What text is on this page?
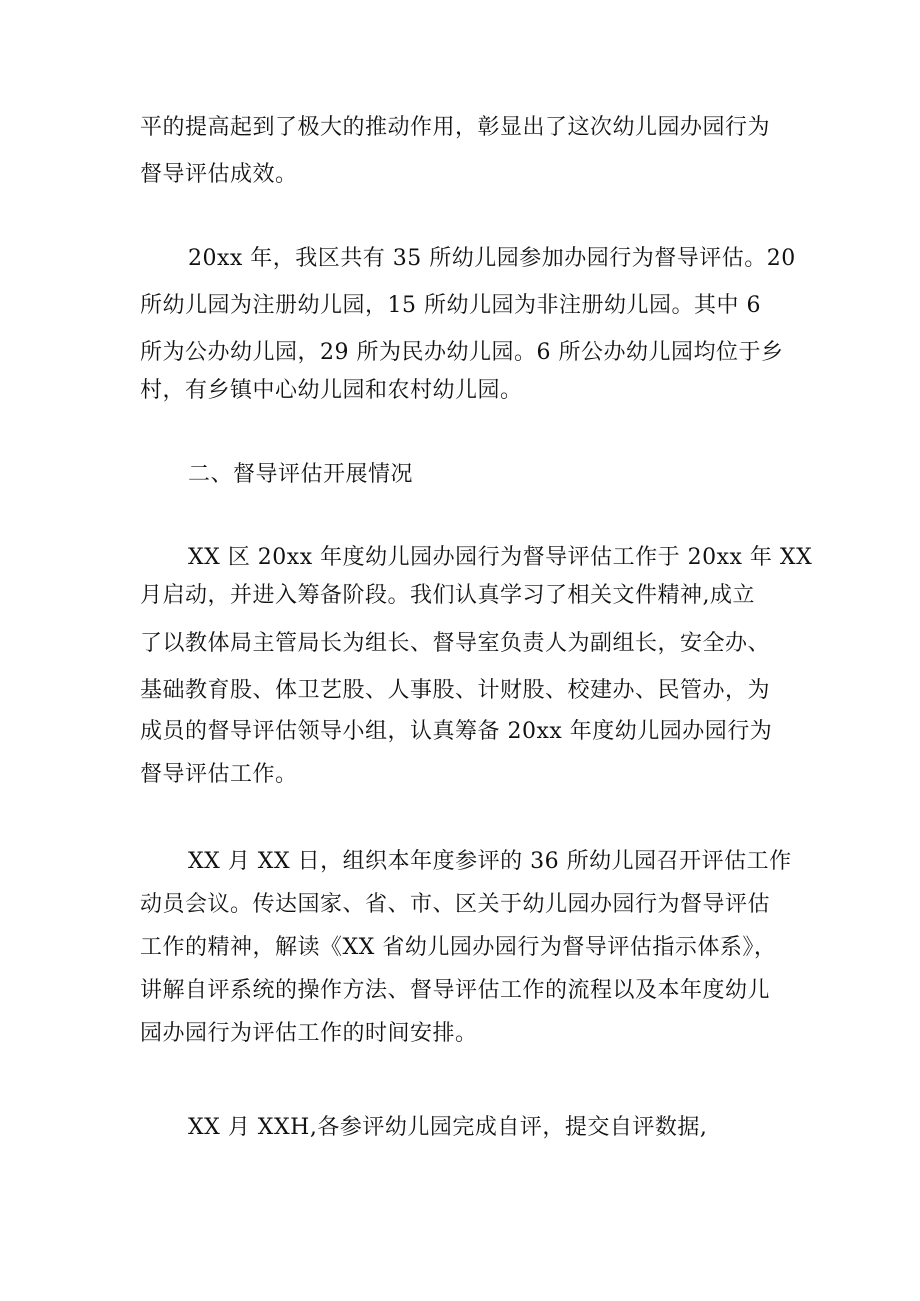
平的提高起到了极大的推动作用，彰显出了这次幼儿园办园行为
督导评估成效。
20xx 年，我区共有 35 所幼儿园参加办园行为督导评估。20
所幼儿园为注册幼儿园，15 所幼儿园为非注册幼儿园。其中 6
所为公办幼儿园，29 所为民办幼儿园。6 所公办幼儿园均位于乡
村，有乡镇中心幼儿园和农村幼儿园。
二、督导评估开展情况
XX 区 20xx 年度幼儿园办园行为督导评估工作于 20xx 年 XX
月启动，并进入筹备阶段。我们认真学习了相关文件精神,成立
了以教体局主管局长为组长、督导室负责人为副组长，安全办、
基础教育股、体卫艺股、人事股、计财股、校建办、民管办，为
成员的督导评估领导小组，认真筹备 20xx 年度幼儿园办园行为
督导评估工作。
XX 月 XX 日，组织本年度参评的 36 所幼儿园召开评估工作
动员会议。传达国家、省、市、区关于幼儿园办园行为督导评估
工作的精神，解读《XX 省幼儿园办园行为督导评估指示体系》，
讲解自评系统的操作方法、督导评估工作的流程以及本年度幼儿
园办园行为评估工作的时间安排。
XX 月 XXH,各参评幼儿园完成自评，提交自评数据,
